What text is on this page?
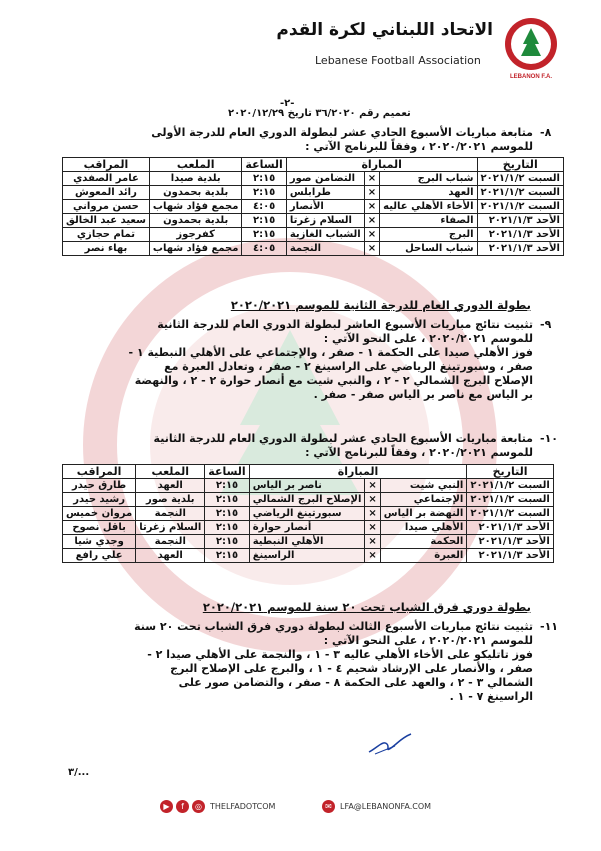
LEBANON F.A.
الاتحاد اللبناني لكرة القدم
Lebanese Football Association
-٢-
تعميم رقم ٣٦/٢٠٢٠ تاريخ ٢٠٢٠/١٢/٢٩
-٨
متابعة مباريات الأسبوع الحادي عشر لبطولة الدوري العام للدرجة الأولى
للموسم ٢٠٢٠/٢٠٢١ ، وفقاً للبرنامج الآتي :
التاريخ	المباراة			الساعة	الملعب	المراقب
السبت ٢٠٢١/١/٢	شباب البرج	×	التضامن صور	٢:١٥	بلدية صيدا	عامر الصفدي
السبت ٢٠٢١/١/٢	العهد	×	طرابلس	٢:١٥	بلدية بحمدون	رائد المعوش
السبت ٢٠٢١/١/٢	الأخاء الأهلي عاليه	×	الأنصار	٤:٠٥	مجمع فؤاد شهاب	حسن مرواني
الأحد ٢٠٢١/١/٣	الصفاء	×	السلام زغرتا	٢:١٥	بلدية بحمدون	سعيد عبد الخالق
الأحد ٢٠٢١/١/٣	البرج	×	الشباب الغازية	٢:١٥	كفرجوز	تمام حجازي
الأحد ٢٠٢١/١/٣	شباب الساحل	×	النجمة	٤:٠٥	مجمع فؤاد شهاب	بهاء نصر
بطولة الدوري العام للدرجة الثانية للموسم ٢٠٢٠/٢٠٢١
-٩
تثبيت نتائج مباريات الأسبوع العاشر لبطولة الدوري العام للدرجة الثانية
للموسم ٢٠٢٠/٢٠٢١ ، على النحو الآتي :
فوز الأهلي صيدا على الحكمة ١ - صفر ، والإجتماعي على الأهلي النبطية ١ -
صفر ، وسبورتينغ الرياضي على الراسينغ ٢ - صفر ، وتعادل العبرة مع
الإصلاح البرج الشمالي ٢ - ٢ ، والنبي شيت مع أنصار حوارة ٢ - ٢ ، والنهضة
بر الياس مع ناصر بر الياس صفر - صفر .
-١٠
متابعة مباريات الأسبوع الحادي عشر لبطولة الدوري العام للدرجة الثانية
للموسم ٢٠٢٠/٢٠٢١ ، وفقاً للبرنامج الآتي :
التاريخ	المباراة			الساعة	الملعب	المراقب
السبت ٢٠٢١/١/٢	النبي شيت	×	ناصر بر الياس	٢:١٥	العهد	طارق حيدر
السبت ٢٠٢١/١/٢	الإجتماعي	×	الإصلاح البرج الشمالي	٢:١٥	بلدية صور	رشيد حيدر
السبت ٢٠٢١/١/٢	النهضة بر الياس	×	سبورتينغ الرياضي	٢:١٥	النجمة	مروان خميس
الأحد ٢٠٢١/١/٣	الأهلي صيدا	×	أنصار حوارة	٢:١٥	السلام زغرتا	باقل نصوح
الأحد ٢٠٢١/١/٣	الحكمة	×	الأهلي النبطية	٢:١٥	النجمة	وجدي شيا
الأحد ٢٠٢١/١/٣	العبرة	×	الراسينغ	٢:١٥	العهد	علي رافع
بطولة دوري فرق الشباب تحت ٢٠ سنة للموسم ٢٠٢٠/٢٠٢١
-١١
تثبيت نتائج مباريات الأسبوع الثالث لبطولة دوري فرق الشباب تحت ٢٠ سنة
للموسم ٢٠٢٠/٢٠٢١ ، على النحو الآتي :
فوز تاتليكو على الأخاء الأهلي عاليه ٣ - ١ ، والنجمة على الأهلي صيدا ٢ -
صفر ، والأنصار على الإرشاد شحيم ٤ - ١ ، والبرج على الإصلاح البرج
الشمالي ٣ - ٢ ، والعهد على الحكمة ٨ - صفر ، والتضامن صور على
الراسينغ ٧ - ١ .
٣/...
▶	f	◎	THELFADOTCOM	✉	LFA@LEBANONFA.COM
